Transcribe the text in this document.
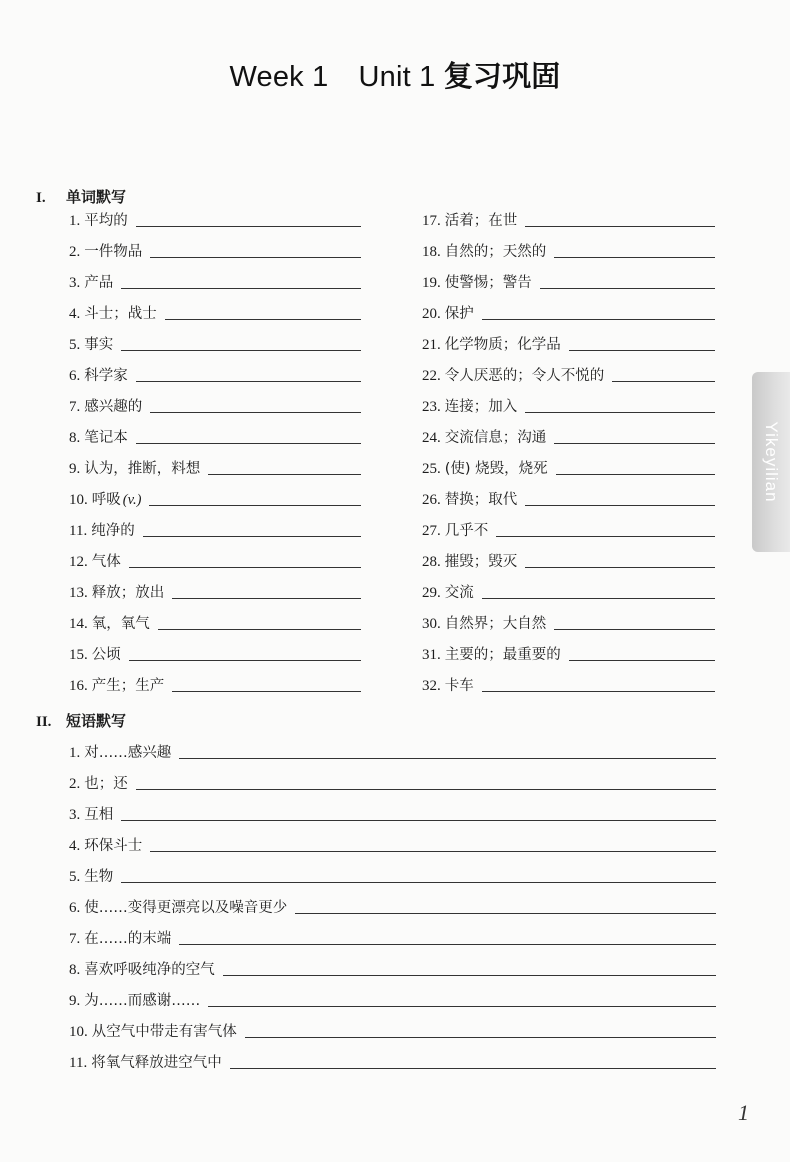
Week 1 Unit 1 复习巩固
I.	单词默写
1. 平均的
2. 一件物品
3. 产品
4. 斗士；战士
5. 事实
6. 科学家
7. 感兴趣的
8. 笔记本
9. 认为，推断，料想
10. 呼吸 (v.)
11. 纯净的
12. 气体
13. 释放；放出
14. 氧，氧气
15. 公顷
16. 产生；生产
17. 活着；在世
18. 自然的；天然的
19. 使警惕；警告
20. 保护
21. 化学物质；化学品
22. 令人厌恶的；令人不悦的
23. 连接；加入
24. 交流信息；沟通
25. (使) 烧毁，烧死
26. 替换；取代
27. 几乎不
28. 摧毁；毁灭
29. 交流
30. 自然界；大自然
31. 主要的；最重要的
32. 卡车
II. 短语默写
1. 对……感兴趣
2. 也；还
3. 互相
4. 环保斗士
5. 生物
6. 使……变得更漂亮以及噪音更少
7. 在……的末端
8. 喜欢呼吸纯净的空气
9. 为……而感谢……
10. 从空气中带走有害气体
11. 将氧气释放进空气中
Yikeyilian
1
